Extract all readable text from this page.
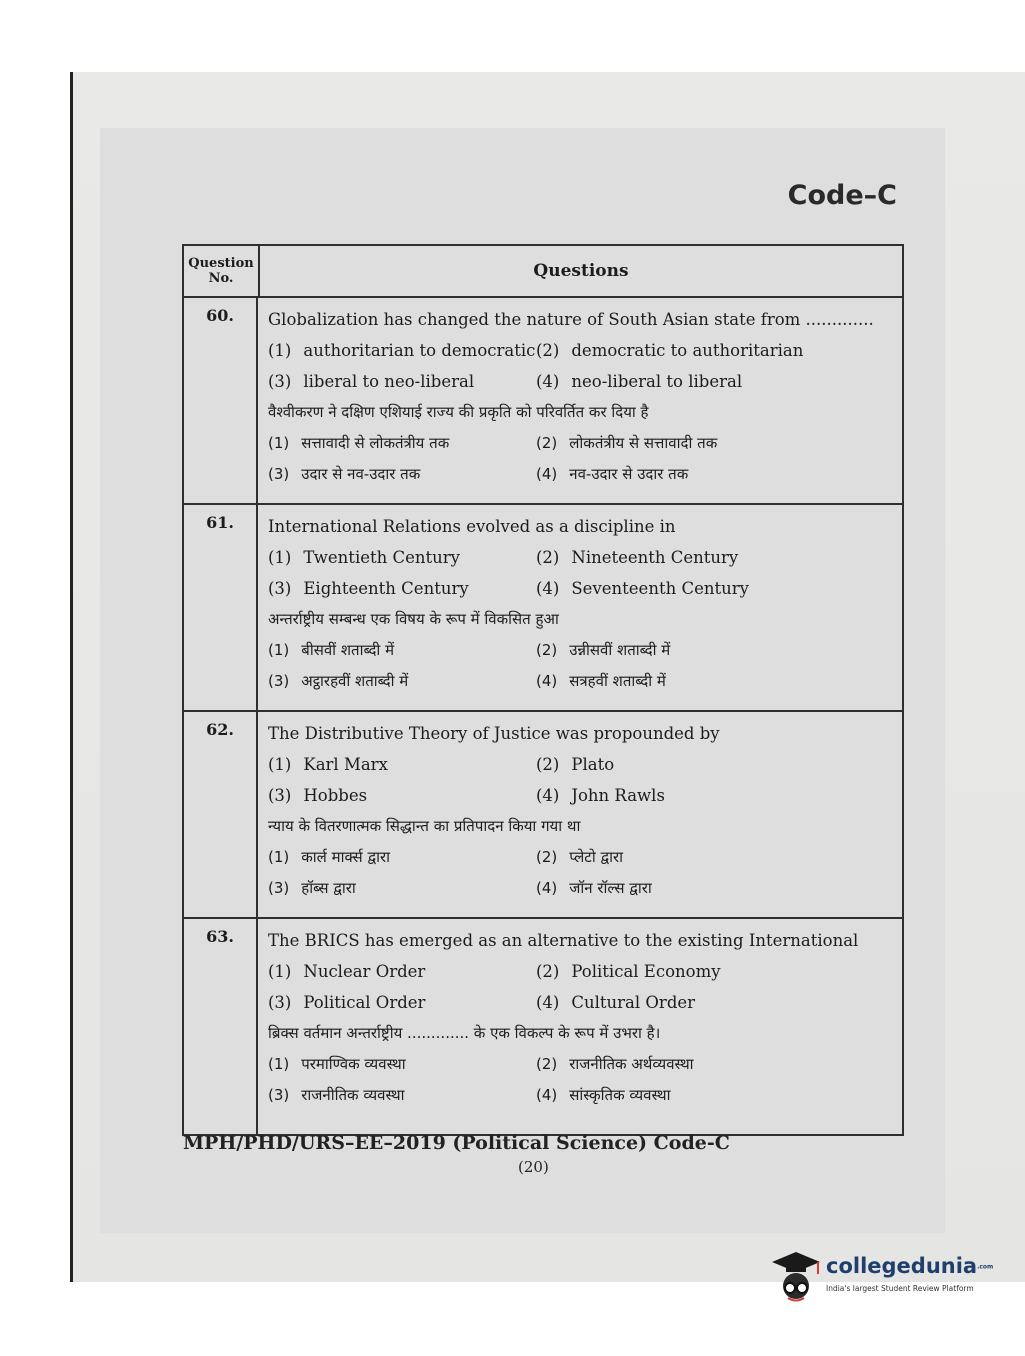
Code–C
Question
No.	Questions
60.	Globalization has changed the nature of South Asian state from .............
(1) authoritarian to democratic (2) democratic to authoritarian
(3) liberal to neo-liberal	(4) neo-liberal to liberal
वैश्वीकरण ने दक्षिण एशियाई राज्य की प्रकृति को परिवर्तित कर दिया है
(1) सत्तावादी से लोकतंत्रीय तक	(2) लोकतंत्रीय से सत्तावादी तक
(3) उदार से नव-उदार तक	(4) नव-उदार से उदार तक
61.	International Relations evolved as a discipline in
(1) Twentieth Century	(2) Nineteenth Century
(3) Eighteenth Century	(4) Seventeenth Century
अन्तर्राष्ट्रीय सम्बन्ध एक विषय के रूप में विकसित हुआ
(1) बीसवीं शताब्दी में	(2) उन्नीसवीं शताब्दी में
(3) अट्ठारहवीं शताब्दी में	(4) सत्रहवीं शताब्दी में
62.	The Distributive Theory of Justice was propounded by
(1) Karl Marx	(2) Plato
(3) Hobbes	(4) John Rawls
न्याय के वितरणात्मक सिद्धान्त का प्रतिपादन किया गया था
(1) कार्ल मार्क्स द्वारा	(2) प्लेटो द्वारा
(3) हॉब्स द्वारा	(4) जॉन रॉल्स द्वारा
63.	The BRICS has emerged as an alternative to the existing International
(1) Nuclear Order	(2) Political Economy
(3) Political Order	(4) Cultural Order
ब्रिक्स वर्तमान अन्तर्राष्ट्रीय ............. के एक विकल्प के रूप में उभरा है।
(1) परमाण्विक व्यवस्था	(2) राजनीतिक अर्थव्यवस्था
(3) राजनीतिक व्यवस्था	(4) सांस्कृतिक व्यवस्था
MPH/PHD/URS–EE–2019 (Political Science) Code-C
(20)
collegedunia.com
India's largest Student Review Platform
